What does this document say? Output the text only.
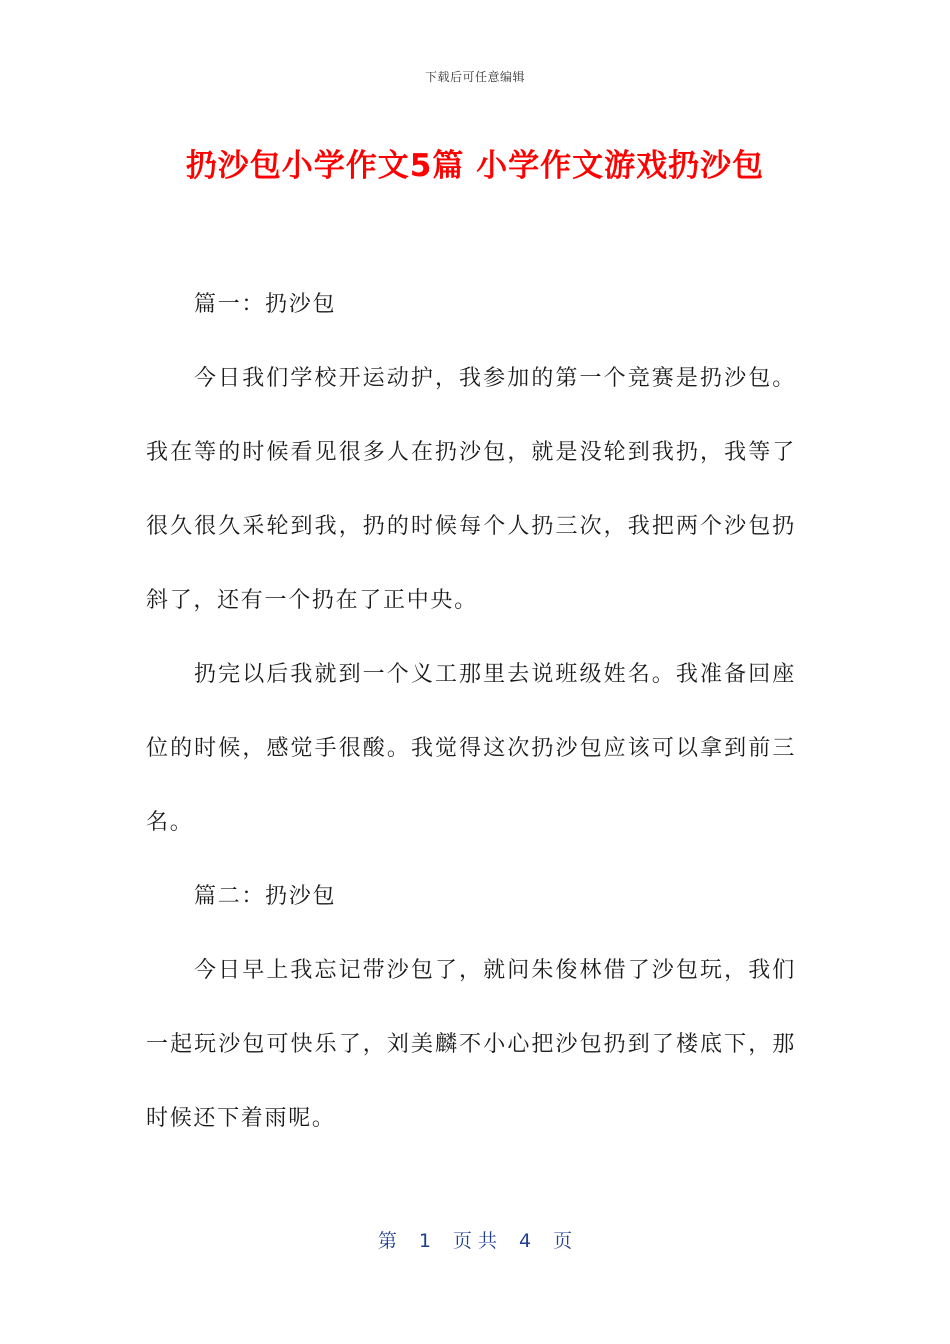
下载后可任意编辑
扔沙包小学作文5篇 小学作文游戏扔沙包

篇一：扔沙包

今日我们学校开运动护，我参加的第一个竞赛是扔沙包。我在等的时候看见很多人在扔沙包，就是没轮到我扔，我等了很久很久采轮到我，扔的时候每个人扔三次，我把两个沙包扔斜了，还有一个扔在了正中央。

扔完以后我就到一个义工那里去说班级姓名。我准备回座位的时候，感觉手很酸。我觉得这次扔沙包应该可以拿到前三名。

篇二：扔沙包

今日早上我忘记带沙包了，就问朱俊林借了沙包玩，我们一起玩沙包可快乐了，刘美麟不小心把沙包扔到了楼底下，那时候还下着雨呢。

第 1 页 共 4 页
